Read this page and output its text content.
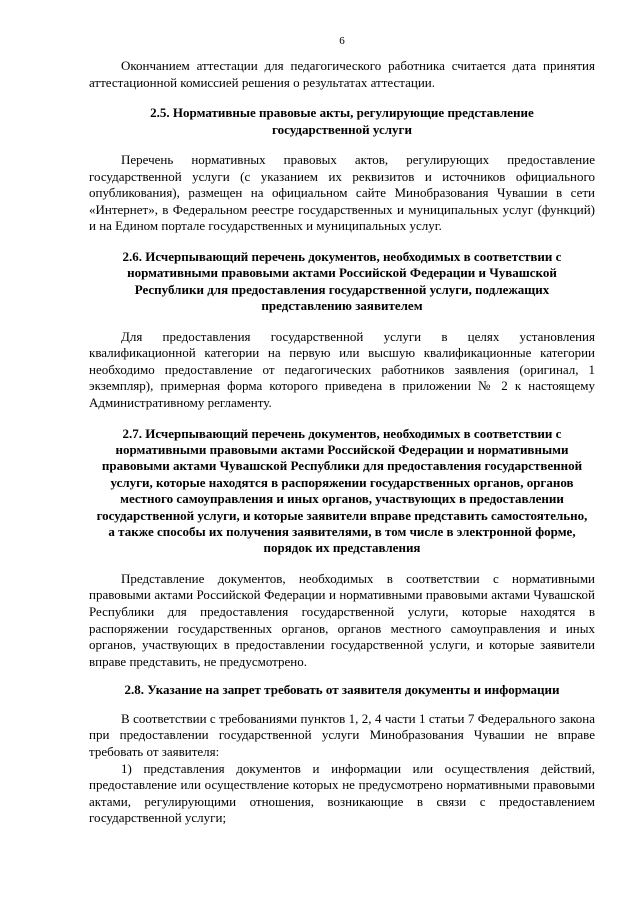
6

Окончанием аттестации для педагогического работника считается дата принятия аттестационной комиссией решения о результатах аттестации.

2.5. Нормативные правовые акты, регулирующие представление государственной услуги

Перечень нормативных правовых актов, регулирующих предоставление государственной услуги (с указанием их реквизитов и источников официального опубликования), размещен на официальном сайте Минобразования Чувашии в сети «Интернет», в Федеральном реестре государственных и муниципальных услуг (функций) и на Едином портале государственных и муниципальных услуг.

2.6. Исчерпывающий перечень документов, необходимых в соответствии с нормативными правовыми актами Российской Федерации и Чувашской Республики для предоставления государственной услуги, подлежащих представлению заявителем

Для предоставления государственной услуги в целях установления квалификационной категории на первую или высшую квалификационные категории необходимо предоставление от педагогических работников заявления (оригинал, 1 экземпляр), примерная форма которого приведена в приложении № 2 к настоящему Административному регламенту.

2.7. Исчерпывающий перечень документов, необходимых в соответствии с нормативными правовыми актами Российской Федерации и нормативными правовыми актами Чувашской Республики для предоставления государственной услуги, которые находятся в распоряжении государственных органов, органов местного самоуправления и иных органов, участвующих в предоставлении государственной услуги, и которые заявители вправе представить самостоятельно, а также способы их получения заявителями, в том числе в электронной форме, порядок их представления

Представление документов, необходимых в соответствии с нормативными правовыми актами Российской Федерации и нормативными правовыми актами Чувашской Республики для предоставления государственной услуги, которые находятся в распоряжении государственных органов, органов местного самоуправления и иных органов, участвующих в предоставлении государственной услуги, и которые заявители вправе представить, не предусмотрено.

2.8. Указание на запрет требовать от заявителя документы и информации

В соответствии с требованиями пунктов 1, 2, 4 части 1 статьи 7 Федерального закона при предоставлении государственной услуги Минобразования Чувашии не вправе требовать от заявителя:

1) представления документов и информации или осуществления действий, предоставление или осуществление которых не предусмотрено нормативными правовыми актами, регулирующими отношения, возникающие в связи с предоставлением государственной услуги;
